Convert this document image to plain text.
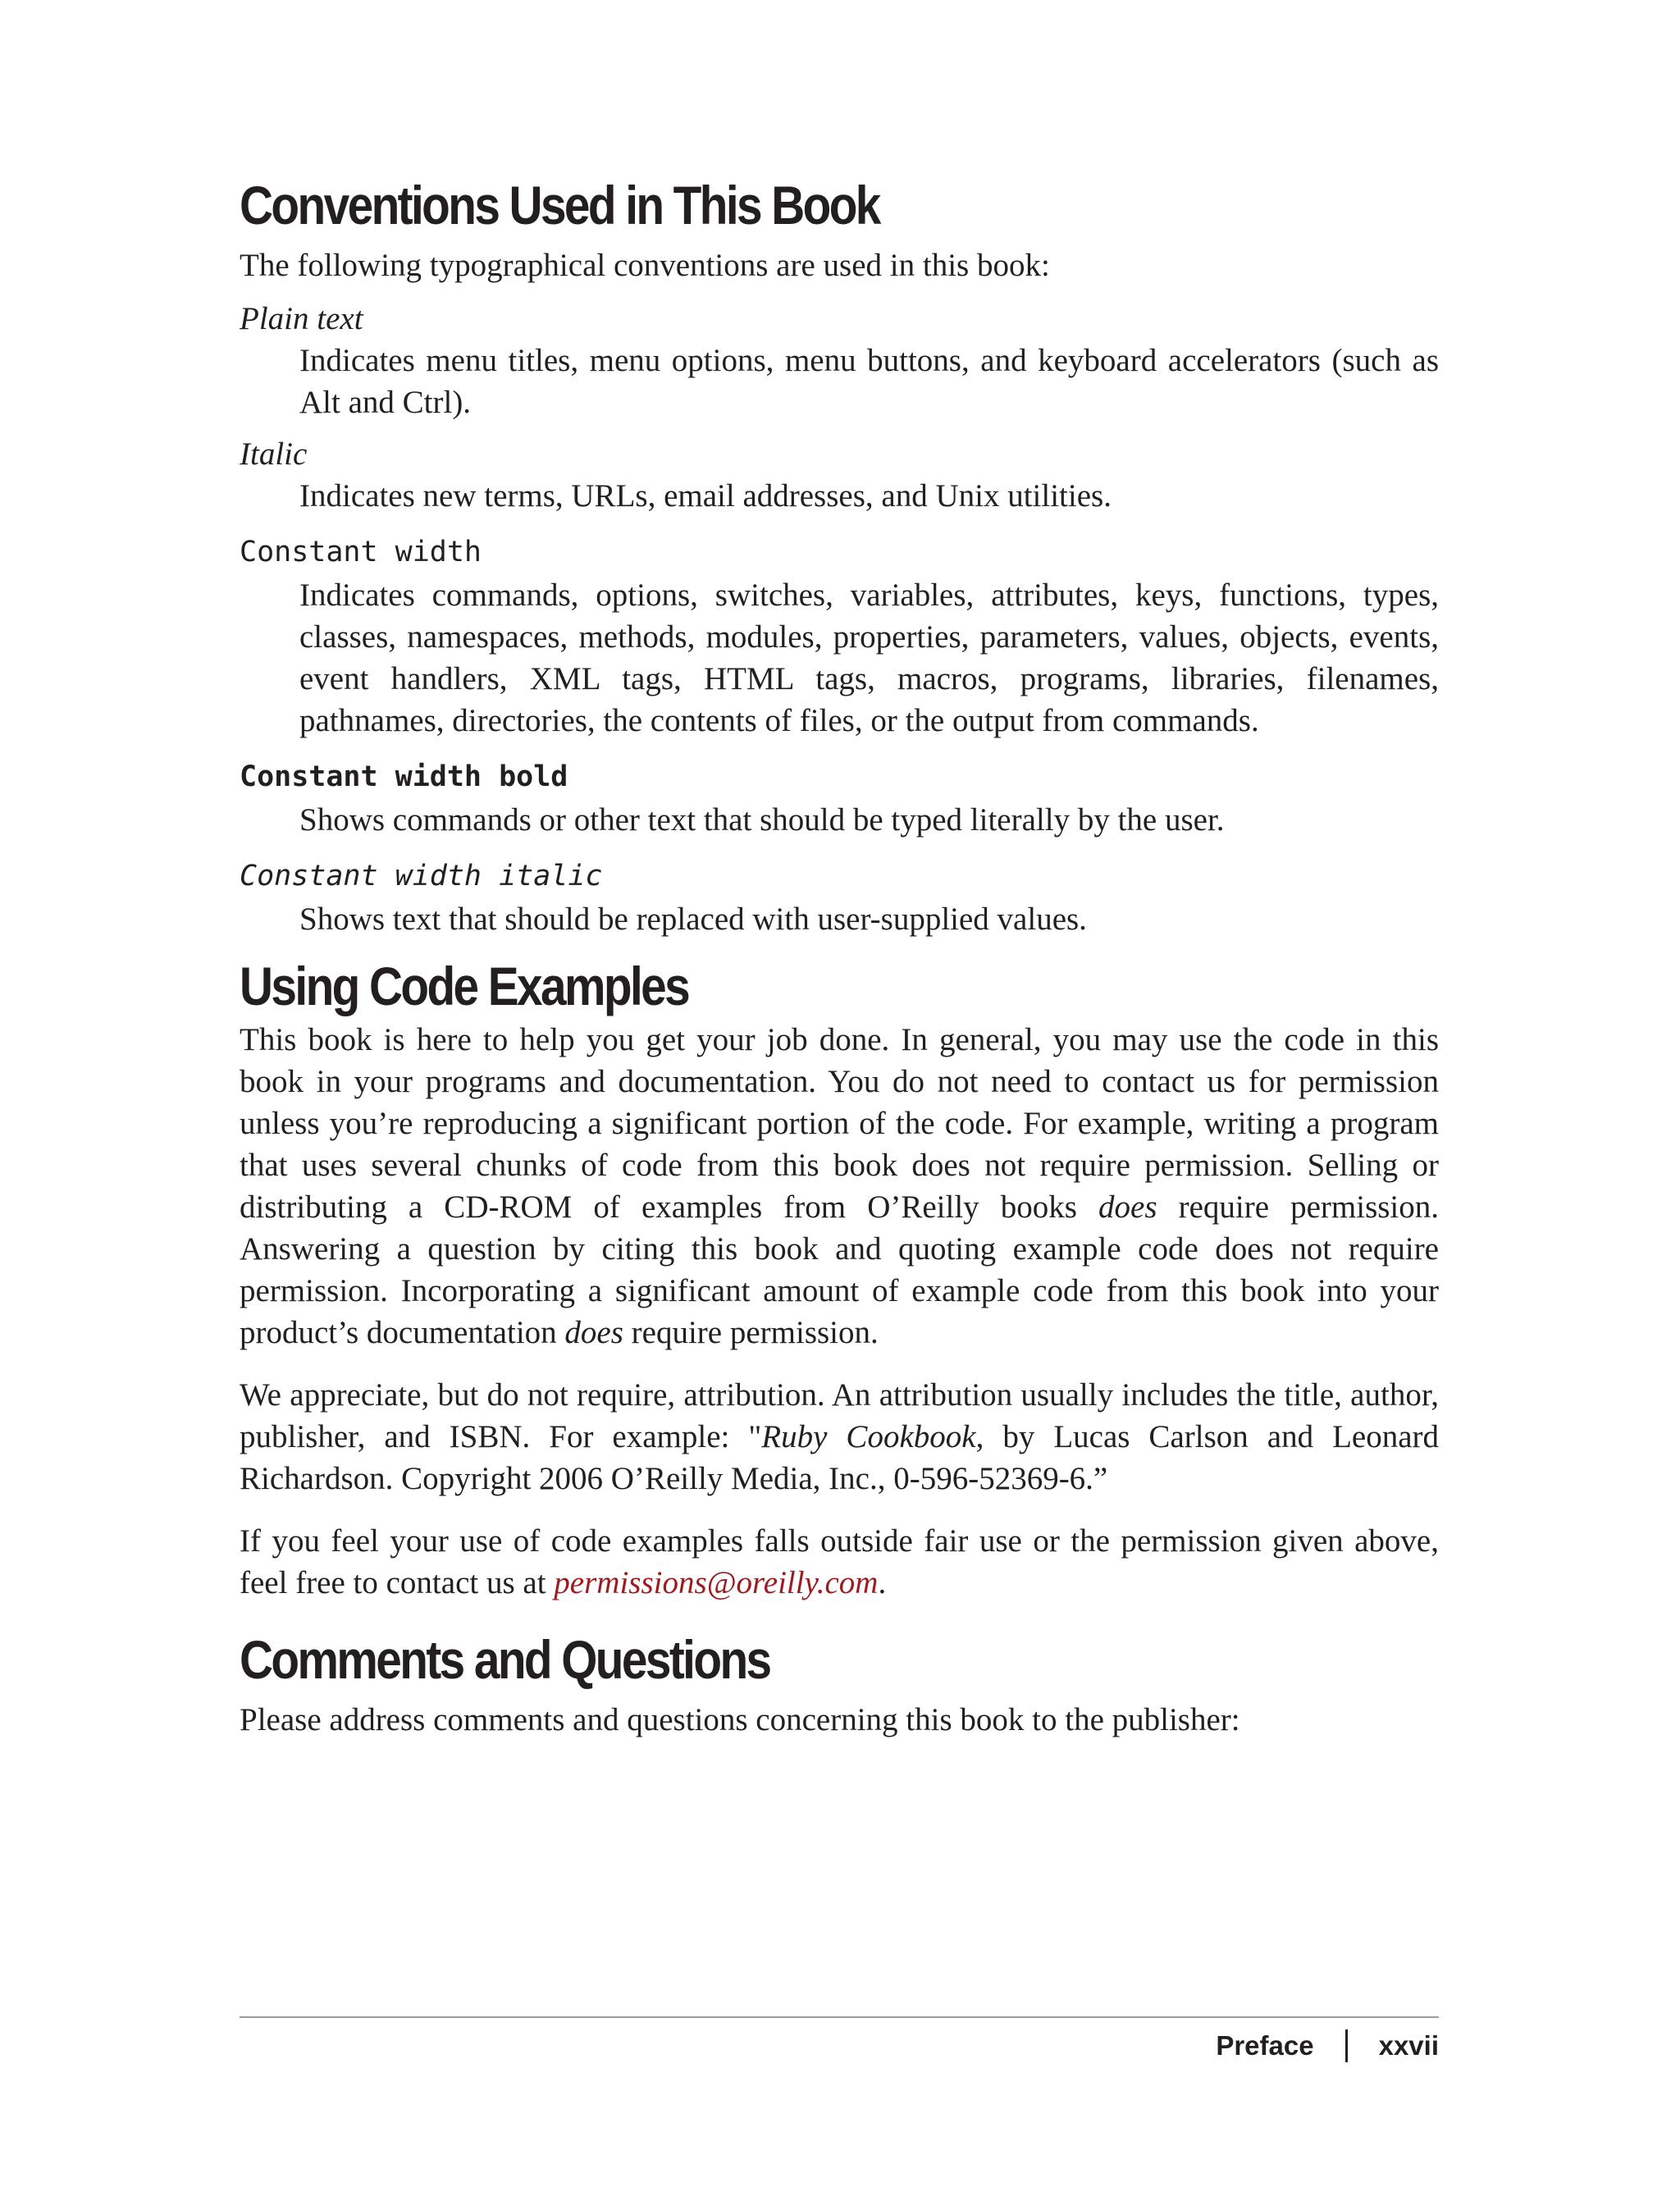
Conventions Used in This Book

The following typographical conventions are used in this book:

Plain text

Indicates menu titles, menu options, menu buttons, and keyboard accelerators (such as Alt and Ctrl).

Italic

Indicates new terms, URLs, email addresses, and Unix utilities.

Constant width

Indicates commands, options, switches, variables, attributes, keys, functions, types, classes, namespaces, methods, modules, properties, parameters, values, objects, events, event handlers, XML tags, HTML tags, macros, programs, libraries, filenames, pathnames, directories, the contents of files, or the output from commands.

Constant width bold

Shows commands or other text that should be typed literally by the user.

Constant width italic

Shows text that should be replaced with user-supplied values.

Using Code Examples

This book is here to help you get your job done. In general, you may use the code in this book in your programs and documentation. You do not need to contact us for permission unless you’re reproducing a significant portion of the code. For example, writing a program that uses several chunks of code from this book does not require permission. Selling or distributing a CD-ROM of examples from O’Reilly books does require permission. Answering a question by citing this book and quoting example code does not require permission. Incorporating a significant amount of example code from this book into your product’s documentation does require permission.

We appreciate, but do not require, attribution. An attribution usually includes the title, author, publisher, and ISBN. For example: "Ruby Cookbook, by Lucas Carlson and Leonard Richardson. Copyright 2006 O’Reilly Media, Inc., 0-596-52369-6.”

If you feel your use of code examples falls outside fair use or the permission given above, feel free to contact us at permissions@oreilly.com.

Comments and Questions

Please address comments and questions concerning this book to the publisher:

Preface xxvii
